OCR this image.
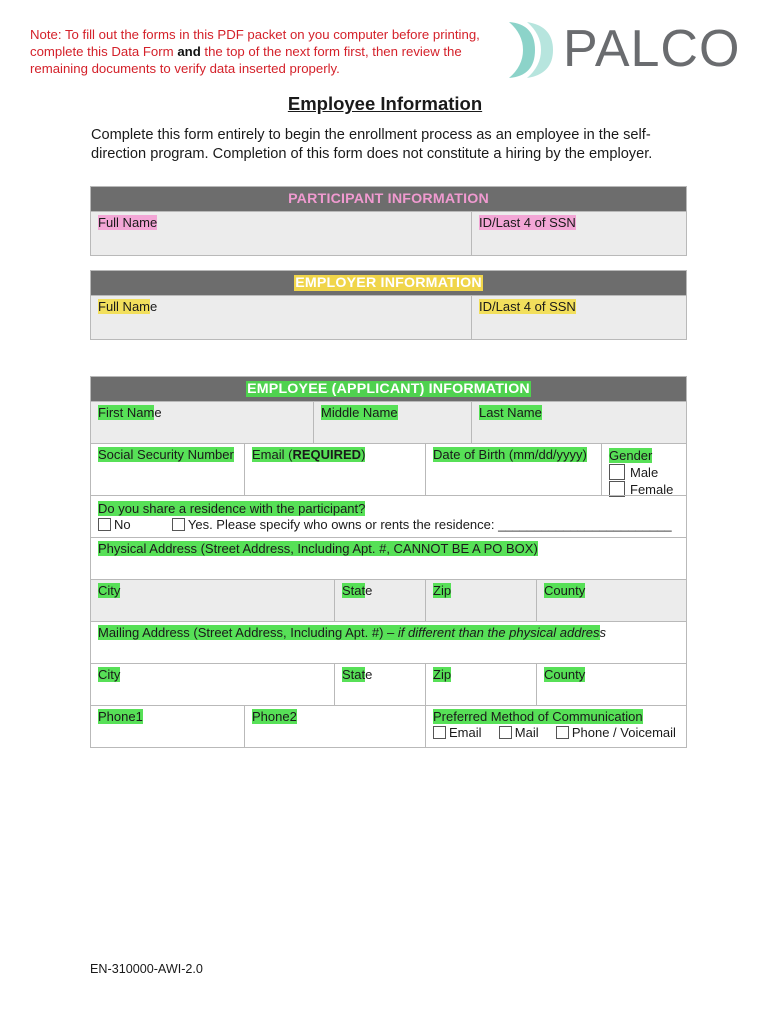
Note: To fill out the forms in this PDF packet on you computer before printing, complete this Data Form and the top of the next form first, then review the remaining documents to verify data inserted properly.	PALCO
Employee Information
Complete this form entirely to begin the enrollment process as an employee in the self-direction program. Completion of this form does not constitute a hiring by the employer.
PARTICIPANT INFORMATION
Full Name	ID/Last 4 of SSN
EMPLOYER INFORMATION
Full Name	ID/Last 4 of SSN
EMPLOYEE (APPLICANT) INFORMATION
First Name	Middle Name	Last Name
Social Security Number	Email (REQUIRED)	Date of Birth (mm/dd/yyyy)	Gender
Male
Female
Do you share a residence with the participant?
No	Yes. Please specify who owns or rents the residence: ________________________
Physical Address (Street Address, Including Apt. #, CANNOT BE A PO BOX)
City	State	Zip	County
Mailing Address (Street Address, Including Apt. #) – if different than the physical address
City	State	Zip	County
Phone1	Phone2	Preferred Method of Communication
Email	Mail	Phone / Voicemail
EN-310000-AWI-2.0
